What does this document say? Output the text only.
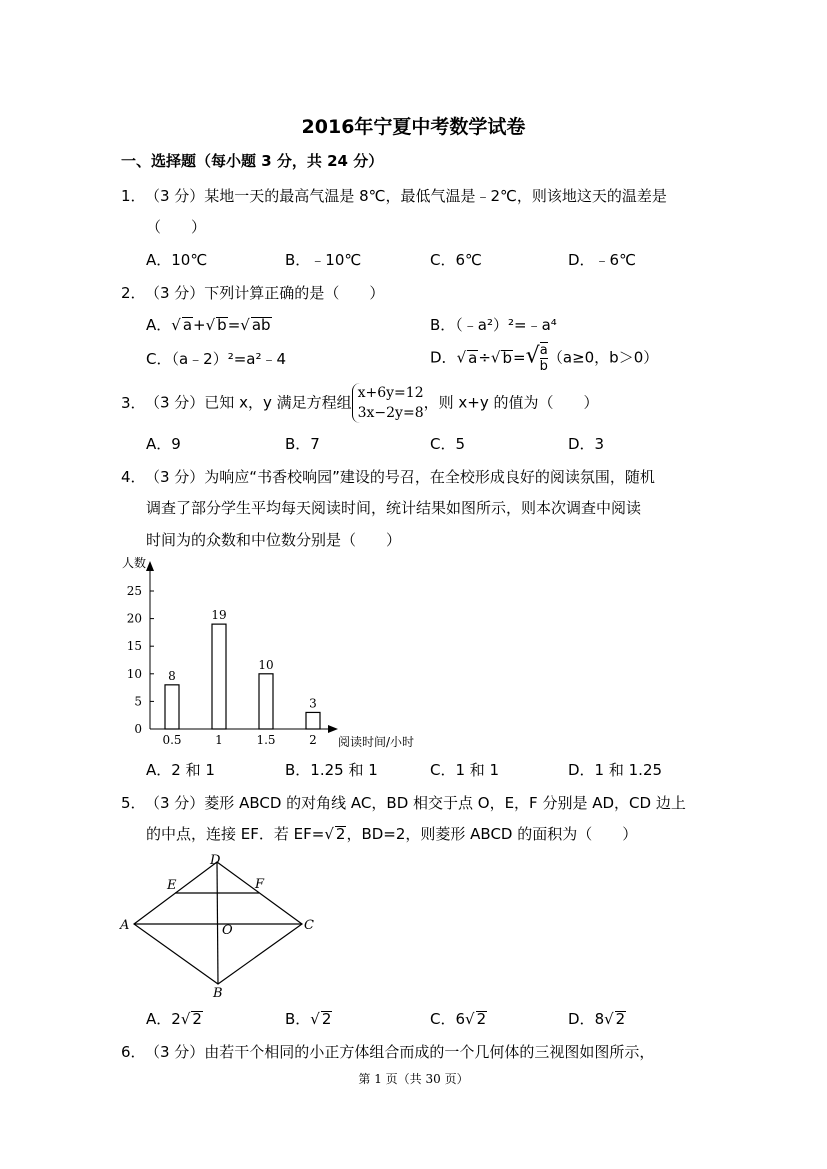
2016年宁夏中考数学试卷
一、选择题（每小题 3 分，共 24 分）
1．（3 分）某地一天的最高气温是 8℃，最低气温是﹣2℃，则该地这天的温差是
（　　）
A．10℃	B．﹣10℃	C．6℃	D．﹣6℃
2．（3 分）下列计算正确的是（　　）
A．√ a+√ b=√ ab	B．（﹣a²）²=﹣a⁴
C．（a﹣2）²=a²﹣4	D．√ a÷√ $b=√ \frac{a}{b} (a\ge 0$，b＞0）
3．（3 分）已知 x，y 满足方程组
x+6y=12
3x−2y=8
，则 x+y 的值为（　　）
A．9	B．7	C．5	D．3
4．（3 分）为响应“书香校响园”建设的号召，在全校形成良好的阅读氛围，随机
调查了部分学生平均每天阅读时间，统计结果如图所示，则本次调查中阅读
时间为的众数和中位数分别是（　　）
0
5
10
15
20
25
人数
阅读时间/小时
8
0.5
19
1
10
1.5
3
2
A．2 和 1	B．1.25 和 1	C．1 和 1	D．1 和 1.25
5．（3 分）菱形 ABCD 的对角线 AC，BD 相交于点 O，E，F 分别是 AD，CD 边上
的中点，连接 EF．若 EF=√ 2，BD=2，则菱形 ABCD 的面积为（　　）
D
E	F
A	C
O
B
A．2√ 2	B．√ 2	C．6√ 2	D．8√ 2
6．（3 分）由若干个相同的小正方体组合而成的一个几何体的三视图如图所示，
第 1 页（共 30 页）
